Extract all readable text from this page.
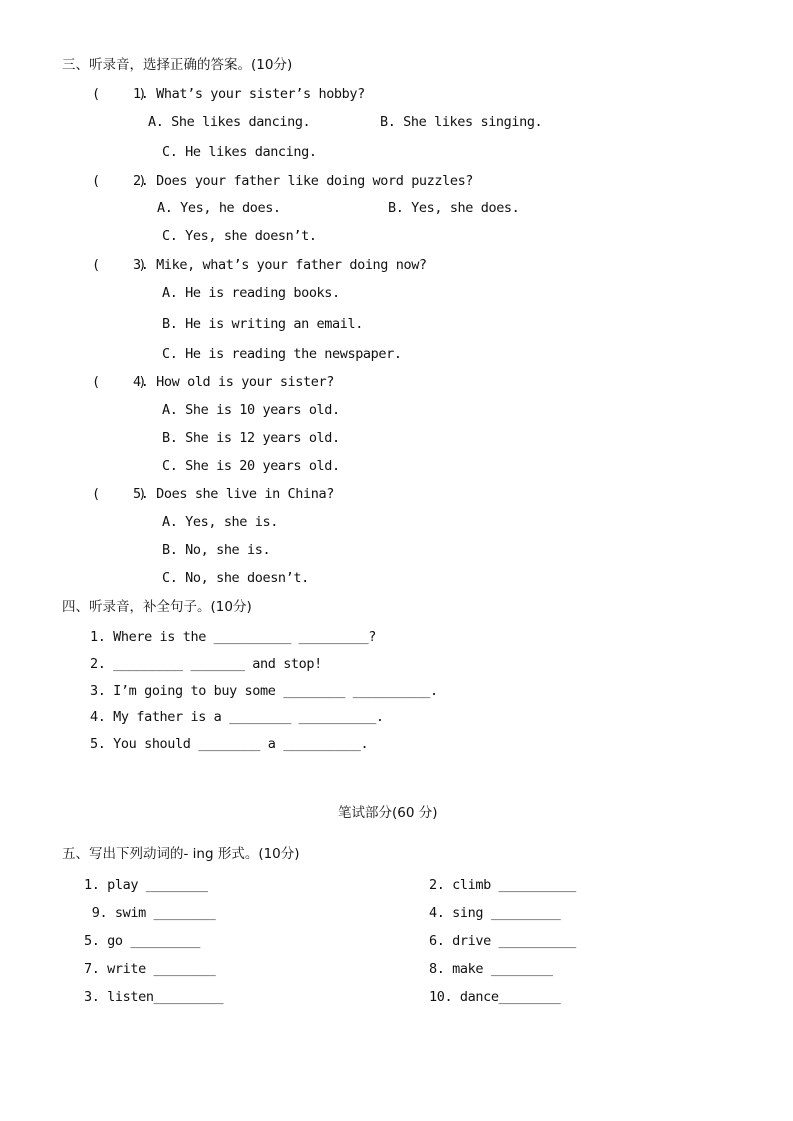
三、听录音，选择正确的答案。(10分)
(     )
1. What’s your sister’s hobby?
A. She likes dancing.	B. She likes singing.
C. He likes dancing.
(     )
2. Does your father like doing word puzzles?
A. Yes, he does.	B. Yes, she does.
C. Yes, she doesn’t.
(     )
3. Mike, what’s your father doing now?
A. He is reading books.
B. He is writing an email.
C. He is reading the newspaper.
(     )
4. How old is your sister?
A. She is 10 years old.
B. She is 12 years old.
C. She is 20 years old.
(     )
5. Does she live in China?
A. Yes, she is.
B. No, she is.
C. No, she doesn’t.
四、听录音，补全句子。(10分)
1. Where is the __________ _________?
2. _________ _______ and stop!
3. I’m going to buy some ________ __________.
4. My father is a ________ __________.
5. You should ________ a __________.
笔试部分(60 分)
五、写出下列动词的- ing 形式。(10分)
1. play ________
9. swim ________
5. go _________
7. write ________
3. listen_________
2. climb __________
4. sing _________
6. drive __________
8. make ________
10. dance________
